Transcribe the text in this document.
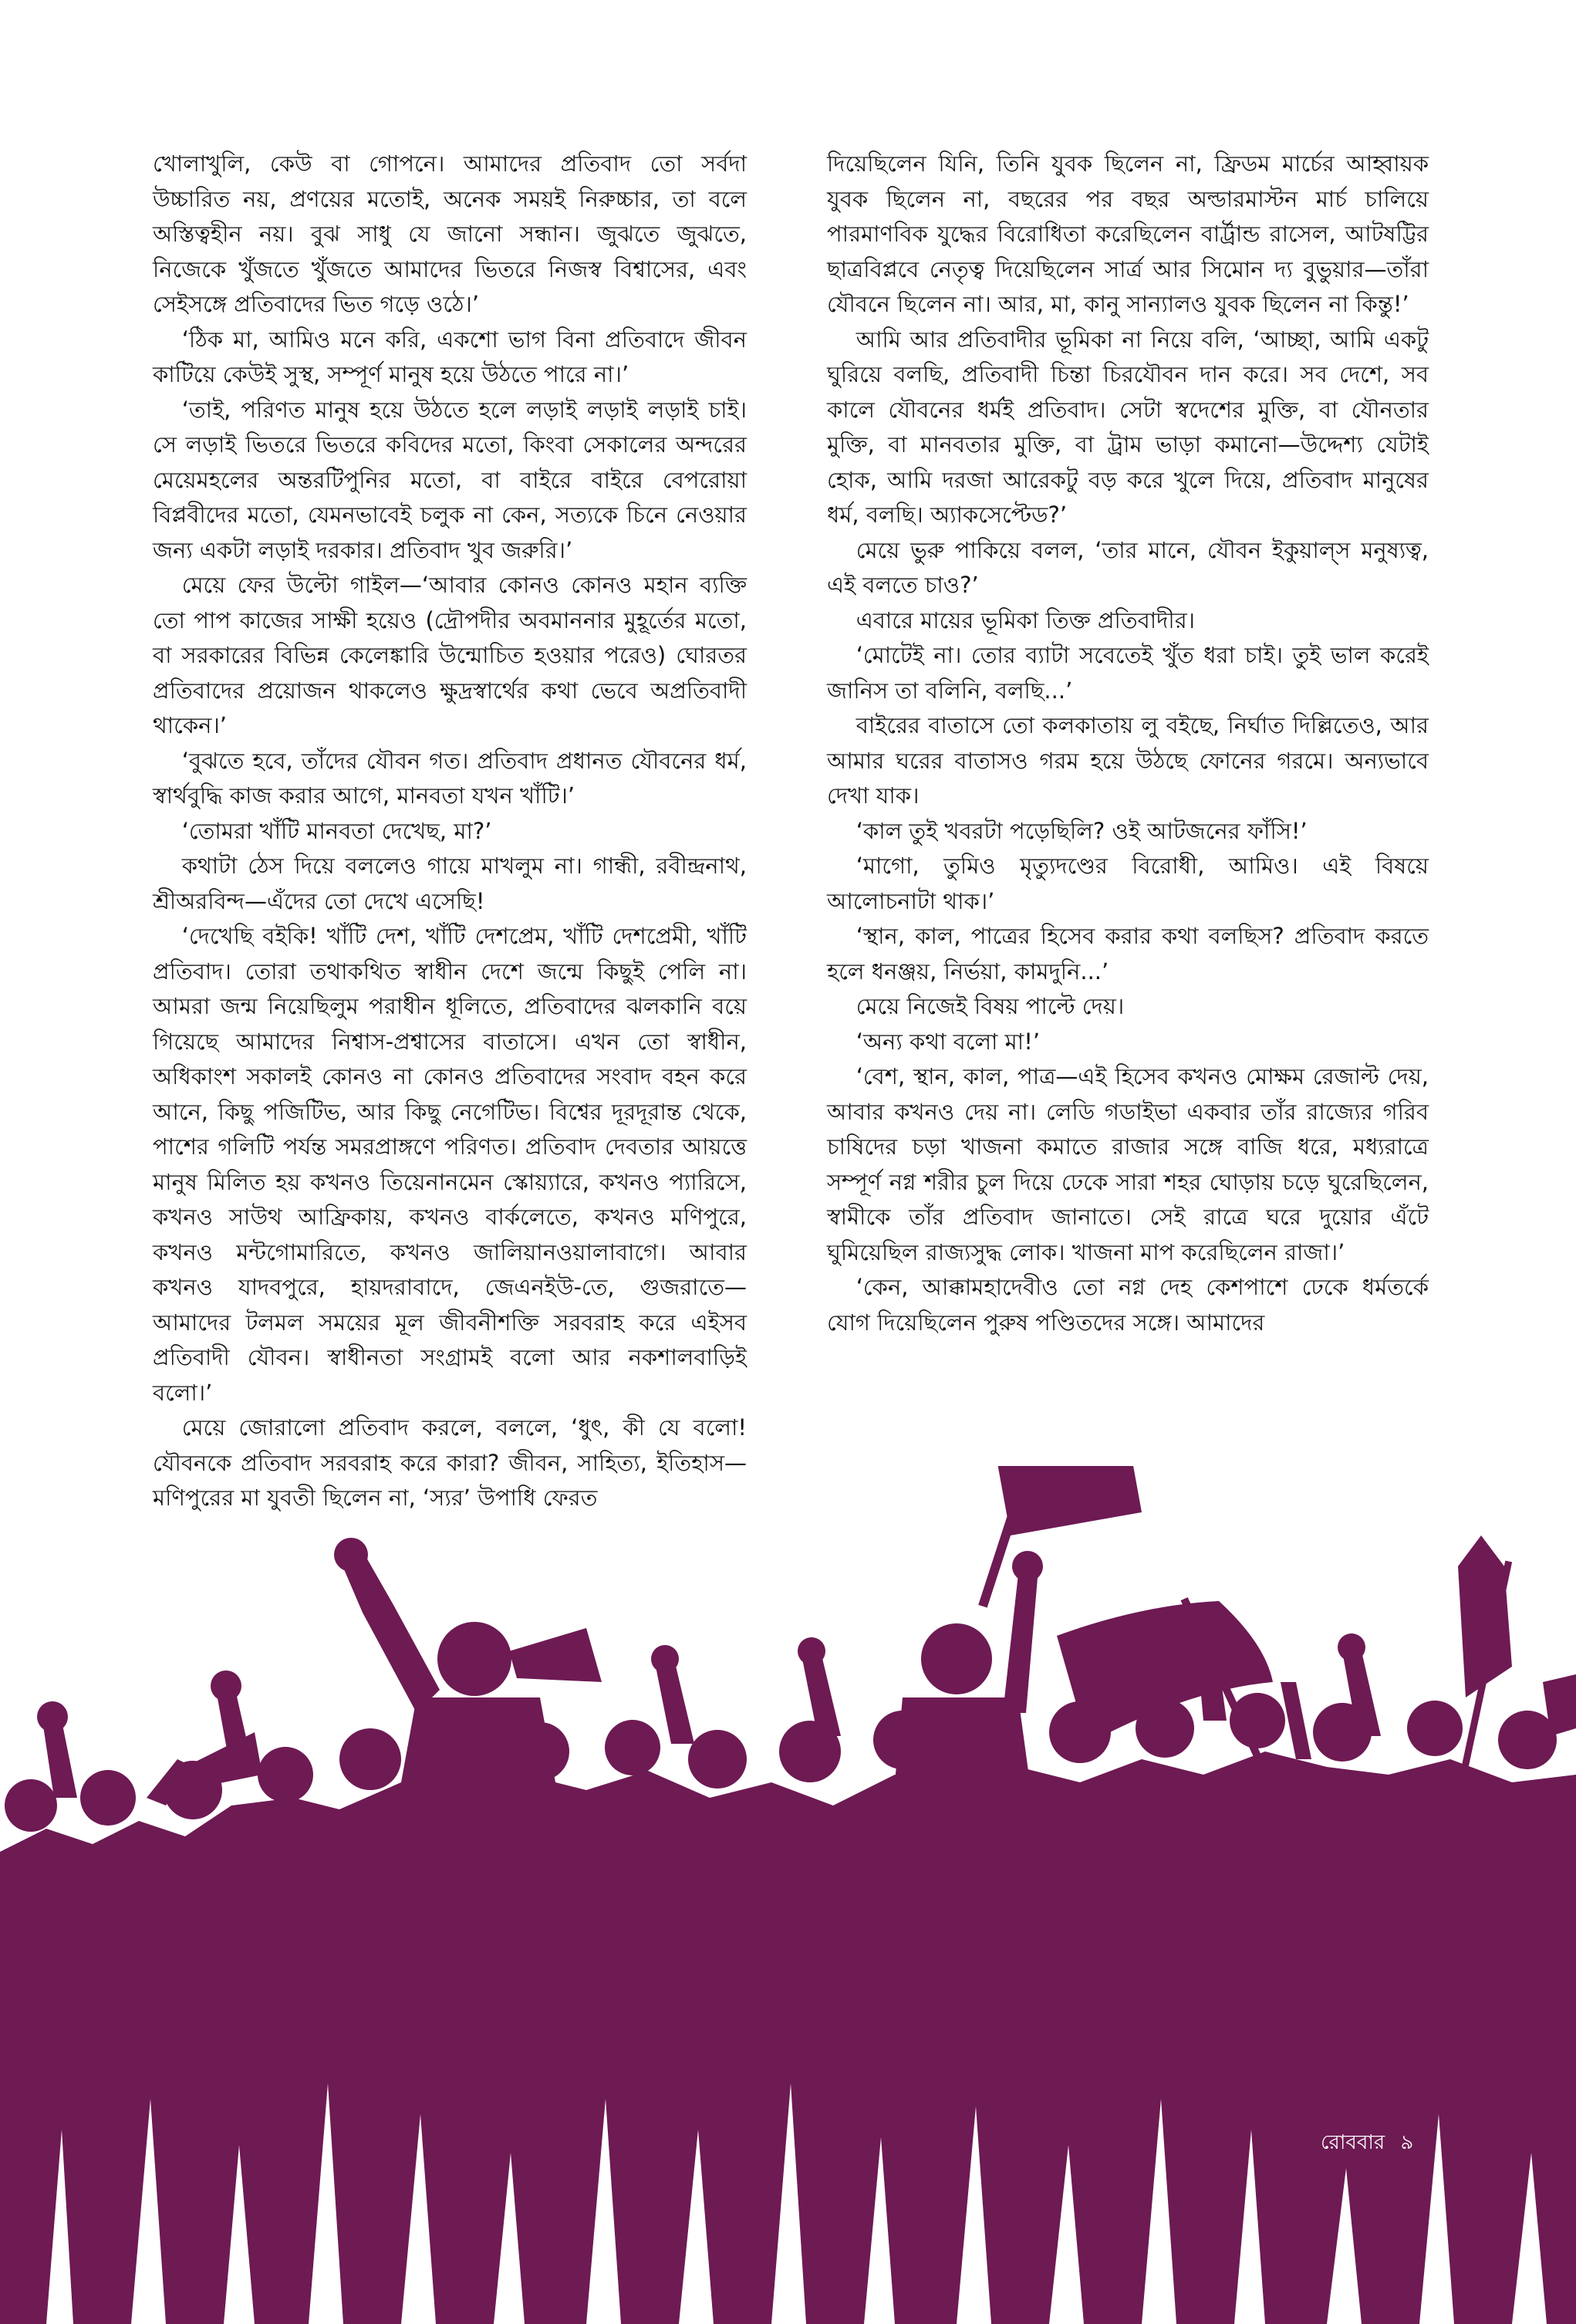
খোলাখুলি, কেউ বা গোপনে। আমাদের প্রতিবাদ তো সর্বদা উচ্চারিত নয়, প্রণয়ের মতোই, অনেক সময়ই নিরুচ্চার, তা বলে অস্তিত্বহীন নয়। বুঝ সাধু যে জানো সন্ধান। জুঝতে জুঝতে, নিজেকে খুঁজতে খুঁজতে আমাদের ভিতরে নিজস্ব বিশ্বাসের, এবং সেইসঙ্গে প্রতিবাদের ভিত গড়ে ওঠে।’

‘ঠিক মা, আমিও মনে করি, একশো ভাগ বিনা প্রতিবাদে জীবন কাটিয়ে কেউই সুস্থ, সম্পূর্ণ মানুষ হয়ে উঠতে পারে না।’

‘তাই, পরিণত মানুষ হয়ে উঠতে হলে লড়াই লড়াই লড়াই চাই। সে লড়াই ভিতরে ভিতরে কবিদের মতো, কিংবা সেকালের অন্দরের মেয়েমহলের অন্তরটিপুনির মতো, বা বাইরে বাইরে বেপরোয়া বিপ্লবীদের মতো, যেমনভাবেই চলুক না কেন, সত্যকে চিনে নেওয়ার জন্য একটা লড়াই দরকার। প্রতিবাদ খুব জরুরি।’

মেয়ে ফের উল্টো গাইল—‘আবার কোনও কোনও মহান ব্যক্তি তো পাপ কাজের সাক্ষী হয়েও (দ্রৌপদীর অবমাননার মুহূর্তের মতো, বা সরকারের বিভিন্ন কেলেঙ্কারি উন্মোচিত হওয়ার পরেও) ঘোরতর প্রতিবাদের প্রয়োজন থাকলেও ক্ষুদ্রস্বার্থের কথা ভেবে অপ্রতিবাদী থাকেন।’

‘বুঝতে হবে, তাঁদের যৌবন গত। প্রতিবাদ প্রধানত যৌবনের ধর্ম, স্বার্থবুদ্ধি কাজ করার আগে, মানবতা যখন খাঁটি।’

‘তোমরা খাঁটি মানবতা দেখেছ, মা?’

কথাটা ঠেস দিয়ে বললেও গায়ে মাখলুম না। গান্ধী, রবীন্দ্রনাথ, শ্রীঅরবিন্দ—এঁদের তো দেখে এসেছি!

‘দেখেছি বইকি! খাঁটি দেশ, খাঁটি দেশপ্রেম, খাঁটি দেশপ্রেমী, খাঁটি প্রতিবাদ। তোরা তথাকথিত স্বাধীন দেশে জন্মে কিছুই পেলি না। আমরা জন্ম নিয়েছিলুম পরাধীন ধূলিতে, প্রতিবাদের ঝলকানি বয়ে গিয়েছে আমাদের নিশ্বাস-প্রশ্বাসের বাতাসে। এখন তো স্বাধীন, অধিকাংশ সকালই কোনও না কোনও প্রতিবাদের সংবাদ বহন করে আনে, কিছু পজিটিভ, আর কিছু নেগেটিভ। বিশ্বের দূরদূরান্ত থেকে, পাশের গলিটি পর্যন্ত সমরপ্রাঙ্গণে পরিণত। প্রতিবাদ দেবতার আয়ত্তে মানুষ মিলিত হয় কখনও তিয়েনানমেন স্কোয়্যারে, কখনও প্যারিসে, কখনও সাউথ আফ্রিকায়, কখনও বার্কলেতে, কখনও মণিপুরে, কখনও মন্টগোমারিতে, কখনও জালিয়ানওয়ালাবাগে। আবার কখনও যাদবপুরে, হায়দরাবাদে, জেএনইউ-তে, গুজরাতে—আমাদের টলমল সময়ের মূল জীবনীশক্তি সরবরাহ করে এইসব প্রতিবাদী যৌবন। স্বাধীনতা সংগ্রামই বলো আর নকশালবাড়িই বলো।’

মেয়ে জোরালো প্রতিবাদ করলে, বললে, ‘ধুৎ, কী যে বলো! যৌবনকে প্রতিবাদ সরবরাহ করে কারা? জীবন, সাহিত্য, ইতিহাস—মণিপুরের মা যুবতী ছিলেন না, ‘স্যর’ উপাধি ফেরত

দিয়েছিলেন যিনি, তিনি যুবক ছিলেন না, ফ্রিডম মার্চের আহ্বায়ক যুবক ছিলেন না, বছরের পর বছর অল্ডারমাস্টন মার্চ চালিয়ে পারমাণবিক যুদ্ধের বিরোধিতা করেছিলেন বার্ট্রান্ড রাসেল, আটষট্টির ছাত্রবিপ্লবে নেতৃত্ব দিয়েছিলেন সার্ত্র আর সিমোন দ্য বুভুয়ার—তাঁরা যৌবনে ছিলেন না। আর, মা, কানু সান্যালও যুবক ছিলেন না কিন্তু!’

আমি আর প্রতিবাদীর ভূমিকা না নিয়ে বলি, ‘আচ্ছা, আমি একটু ঘুরিয়ে বলছি, প্রতিবাদী চিন্তা চিরযৌবন দান করে। সব দেশে, সব কালে যৌবনের ধর্মই প্রতিবাদ। সেটা স্বদেশের মুক্তি, বা যৌনতার মুক্তি, বা মানবতার মুক্তি, বা ট্রাম ভাড়া কমানো—উদ্দেশ্য যেটাই হোক, আমি দরজা আরেকটু বড় করে খুলে দিয়ে, প্রতিবাদ মানুষের ধর্ম, বলছি। অ্যাকসেপ্টেড?’

মেয়ে ভুরু পাকিয়ে বলল, ‘তার মানে, যৌবন ইকুয়াল্‌স মনুষ্যত্ব, এই বলতে চাও?’

এবারে মায়ের ভূমিকা তিক্ত প্রতিবাদীর।

‘মোটেই না। তোর ব্যাটা সবেতেই খুঁত ধরা চাই। তুই ভাল করেই জানিস তা বলিনি, বলছি...’

বাইরের বাতাসে তো কলকাতায় লু বইছে, নির্ঘাত দিল্লিতেও, আর আমার ঘরের বাতাসও গরম হয়ে উঠছে ফোনের গরমে। অন্যভাবে দেখা যাক।

‘কাল তুই খবরটা পড়েছিলি? ওই আটজনের ফাঁসি!’

‘মাগো, তুমিও মৃত্যুদণ্ডের বিরোধী, আমিও। এই বিষয়ে আলোচনাটা থাক।’

‘স্থান, কাল, পাত্রের হিসেব করার কথা বলছিস? প্রতিবাদ করতে হলে ধনঞ্জয়, নির্ভয়া, কামদুনি...’

মেয়ে নিজেই বিষয় পাল্টে দেয়।

‘অন্য কথা বলো মা!’

‘বেশ, স্থান, কাল, পাত্র—এই হিসেব কখনও মোক্ষম রেজাল্ট দেয়, আবার কখনও দেয় না। লেডি গডাইভা একবার তাঁর রাজ্যের গরিব চাষিদের চড়া খাজনা কমাতে রাজার সঙ্গে বাজি ধরে, মধ্যরাত্রে সম্পূর্ণ নগ্ন শরীর চুল দিয়ে ঢেকে সারা শহর ঘোড়ায় চড়ে ঘুরেছিলেন, স্বামীকে তাঁর প্রতিবাদ জানাতে। সেই রাত্রে ঘরে দুয়োর এঁটে ঘুমিয়েছিল রাজ্যসুদ্ধ লোক। খাজনা মাপ করেছিলেন রাজা।’

‘কেন, আক্কামহাদেবীও তো নগ্ন দেহ কেশপাশে ঢেকে ধর্মতর্কে যোগ দিয়েছিলেন পুরুষ পণ্ডিতদের সঙ্গে। আমাদের

রোববার ৯
